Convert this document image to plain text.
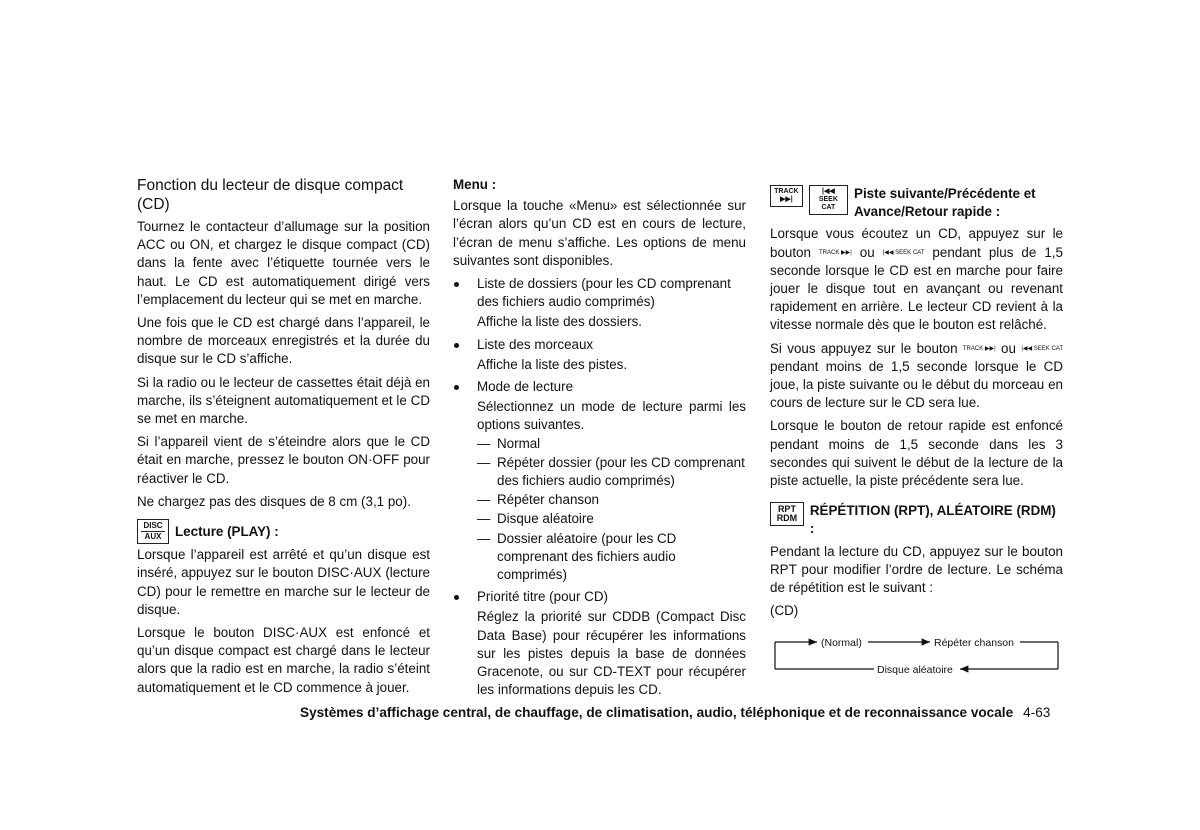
Fonction du lecteur de disque compact (CD)

Tournez le contacteur d’allumage sur la position ACC ou ON, et chargez le disque compact (CD) dans la fente avec l’étiquette tournée vers le haut. Le CD est automatiquement dirigé vers l’emplacement du lecteur qui se met en marche.

Une fois que le CD est chargé dans l’appareil, le nombre de morceaux enregistrés et la durée du disque sur le CD s’affiche.

Si la radio ou le lecteur de cassettes était déjà en marche, ils s’éteignent automatiquement et le CD se met en marche.

Si l’appareil vient de s’éteindre alors que le CD était en marche, pressez le bouton ON·OFF pour réactiver le CD.

Ne chargez pas des disques de 8 cm (3,1 po).

DISC
AUX Lecture (PLAY) :

Lorsque l’appareil est arrêté et qu’un disque est inséré, appuyez sur le bouton DISC·AUX (lecture CD) pour le remettre en marche sur le lecteur de disque.

Lorsque le bouton DISC·AUX est enfoncé et qu’un disque compact est chargé dans le lecteur alors que la radio est en marche, la radio s’éteint automatiquement et le CD commence à jouer.

Menu :

Lorsque la touche «Menu» est sélectionnée sur l’écran alors qu’un CD est en cours de lecture, l’écran de menu s’affiche. Les options de menu suivantes sont disponibles.

Liste de dossiers (pour les CD comprenant des fichiers audio comprimés)
Affiche la liste des dossiers.
Liste des morceaux
Affiche la liste des pistes.
Mode de lecture
Sélectionnez un mode de lecture parmi les options suivantes.
— Normal
— Répéter dossier (pour les CD comprenant des fichiers audio comprimés)
— Répéter chanson
— Disque aléatoire
— Dossier aléatoire (pour les CD comprenant des fichiers audio comprimés)
Priorité titre (pour CD)
Réglez la priorité sur CDDB (Compact Disc Data Base) pour récupérer les informations sur les pistes depuis la base de données Gracenote, ou sur CD-TEXT pour récupérer les informations depuis les CD.
TRACK ▶▶|
|◀◀ SEEK CAT
Piste suivante/Précédente et Avance/Retour rapide :

Lorsque vous écoutez un CD, appuyez sur le bouton TRACK ▶▶| ou |◀◀ SEEK CAT pendant plus de 1,5 seconde lorsque le CD est en marche pour faire jouer le disque tout en avançant ou revenant rapidement en arrière. Le lecteur CD revient à la vitesse normale dès que le bouton est relâché.

Si vous appuyez sur le bouton TRACK ▶▶| ou |◀◀ SEEK CAT pendant moins de 1,5 seconde lorsque le CD joue, la piste suivante ou le début du morceau en cours de lecture sur le CD sera lue.

Lorsque le bouton de retour rapide est enfoncé pendant moins de 1,5 seconde dans les 3 secondes qui suivent le début de la lecture de la piste actuelle, la piste précédente sera lue.

RPT
RDM RÉPÉTITION (RPT), ALÉATOIRE (RDM) :

Pendant la lecture du CD, appuyez sur le bouton RPT pour modifier l’ordre de lecture. Le schéma de répétition est le suivant :

(CD)

(Normal)	Répéter chanson
Disque aléatoire
Systèmes d’affichage central, de chauffage, de climatisation, audio, téléphonique et de reconnaissance vocale 4-63
